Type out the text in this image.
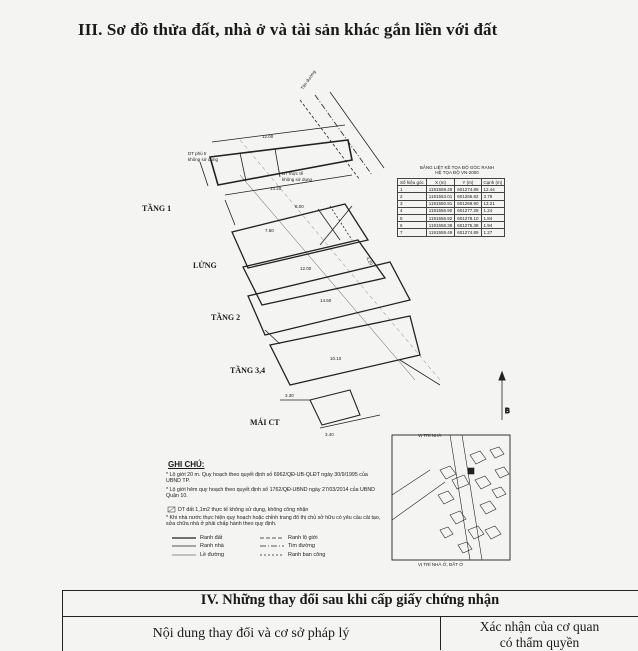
III. Sơ đồ thửa đất, nhà ở và tài sản khác gắn liền với đất
Tên đường
DT phù tr
không sử dụng
DT thực tế
không sử dụng
12.00
14.20
8.00
7.60
12.00
14.60
10.10
3.30
3.40
4.20
B
VỊ TRÍ NHÀ
VỊ TRÍ NHÀ Ở, ĐẤT Ở
TẦNG 1
LỬNG
TẦNG 2
TẦNG 3,4
MÁI CT
BẢNG LIỆT KÊ TỌA ĐỘ GÓC RANH
HỆ TỌA ĐỘ VN-2000
Số hiệu góc	X (m)	Y (m)	Cạnh (m)
1	1191559.49	601274.89	12.44
2	1191553.01	601266.82	3.79
3	1191550.91	601269.90	13.21
4	1191556.90	601277.28	1.24
5	1191556.92	601278.10	1.84
6	1191558.38	601275.38	1.94
7	1191559.49	601274.89	1.27
GHI CHÚ:
* Lộ giới 20 m. Quy hoạch theo quyết định số 6962/QĐ-UB-QLĐT ngày 30/9/1995 của UBND TP.
* Lộ giới hẻm quy hoạch theo quyết định số 1762/QĐ-UBND ngày 27/03/2014 của UBND Quận 10.
DT đất 1,1m2 thực tế không sử dụng, không công nhận
* Khi nhà nước thực hiện quy hoạch hoặc chỉnh trang đô thị chủ sở hữu có yêu cầu cải tạo, sửa chữa nhà ở phải chấp hành theo quy định.
Ranh đất
Ranh nhà
Lề đường
Ranh lộ giới
Tim đường
Ranh ban công
IV. Những thay đổi sau khi cấp giấy chứng nhận
Nội dung thay đổi và cơ sở pháp lý	Xác nhận của cơ quan
có thẩm quyền
